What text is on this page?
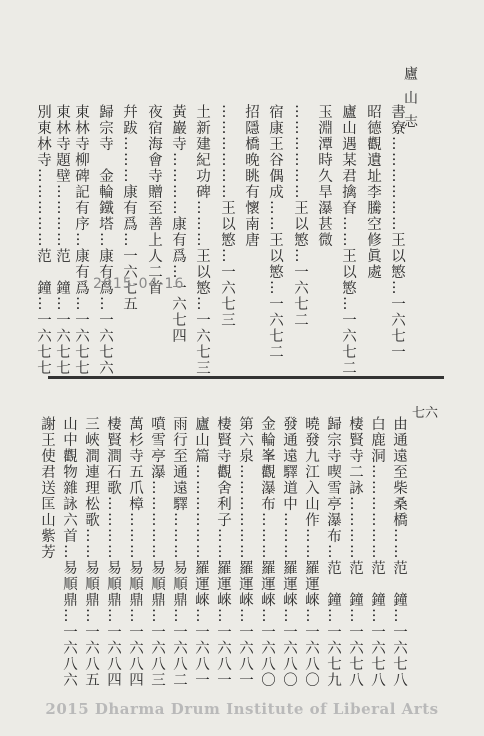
廬山志
七六
書寮………………王以慜…一六七一
昭德觀遺址李騰空修眞處
廬山遇某君擒眘……王以慜…一六七二
玉淵潭時久旱瀑甚微
………………王以慜…一六七二
宿康王谷偶成……王以慜…一六七二
招隱橋晚眺有懷南唐
………………王以慜…一六七三
土新建紀功碑………王以慜…一六七三
黃巖寺…………康有爲…一六七四
夜宿海會寺贈至善上人二首
幷跋………康有爲…一六七五
歸宗寺　金輪鐵塔…康有爲…一六七六
東林寺柳碑記有序…康有爲…一六七七
東林寺題壁…………范　鐘…一六七七
別東林寺……………范　鐘…一六七七	2015-04-16
由通遠至柴桑橋……范　鐘…一六七八
白鹿洞………………范　鐘…一六七八
棲賢寺二詠…………范　鐘…一六七八
歸宗寺喫雪亭瀑布…范　鐘…一六七九
曉發九江入山作……羅運崍…一六八〇
發通遠驛道中………羅運崍…一六八〇
金輪峯觀瀑布………羅運崍…一六八〇
第六泉………………羅運崍…一六八一
棲賢寺觀舍利子……羅運崍…一六八一
廬山篇………………羅運崍…一六八一
雨行至通遠驛………易順鼎…一六八二
噴雪亭瀑……………易順鼎…一六八三
萬杉寺五爪樟………易順鼎…一六八四
棲賢澗石歌…………易順鼎…一六八四
三峽澗連理松歌……易順鼎…一六八五
山中觀物雜詠六首…易順鼎…一六八六
謝王使君送匡山紫芳
2015 Dharma Drum Institute of Liberal Arts
